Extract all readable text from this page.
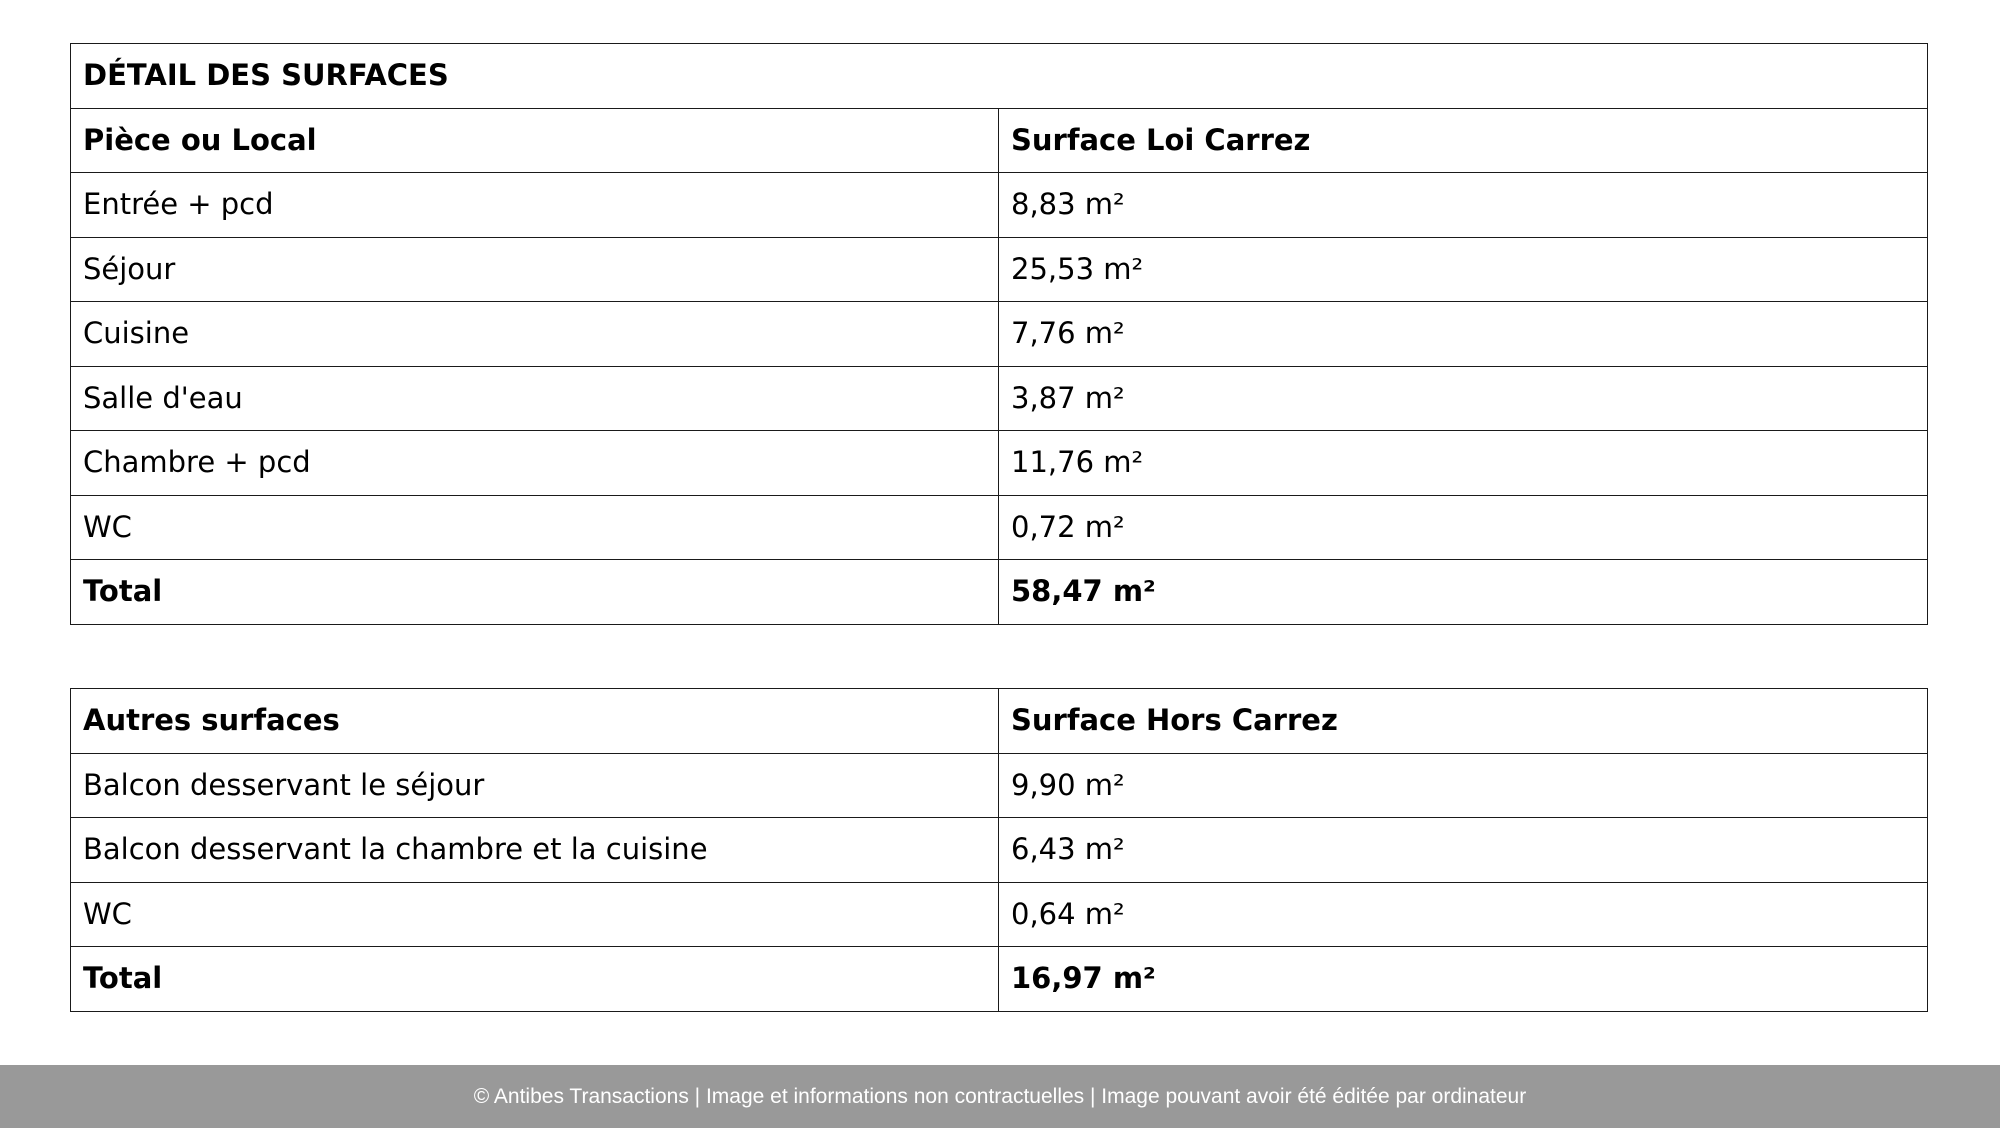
DÉTAIL DES SURFACES	
Pièce ou Local	Surface Loi Carrez
Entrée + pcd	8,83 m²
Séjour	25,53 m²
Cuisine	7,76 m²
Salle d'eau	3,87 m²
Chambre + pcd	11,76 m²
WC	0,72 m²
Total	58,47 m²
Autres surfaces	Surface Hors Carrez
Balcon desservant le séjour	9,90 m²
Balcon desservant la chambre et la cuisine	6,43 m²
WC	0,64 m²
Total	16,97 m²
© Antibes Transactions | Image et informations non contractuelles | Image pouvant avoir été éditée par ordinateur
